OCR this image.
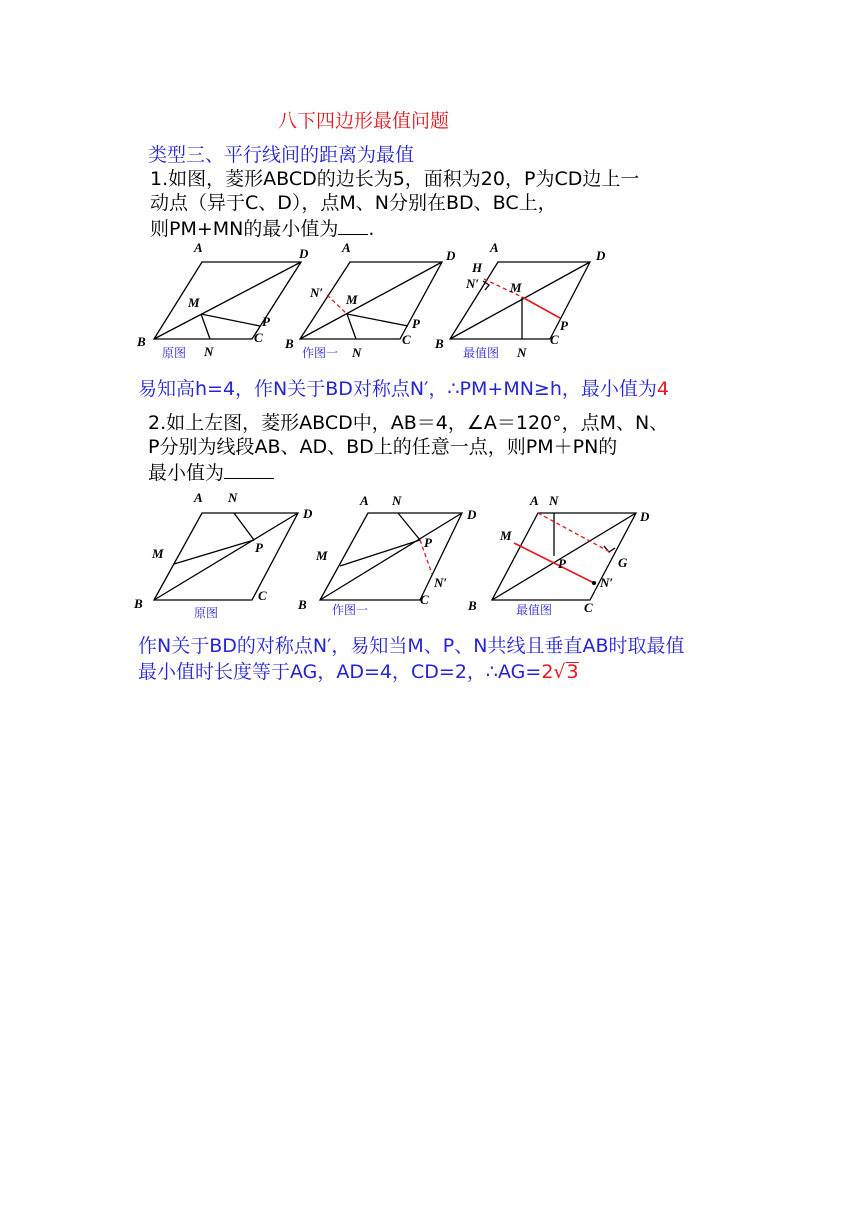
八下四边形最值问题
类型三、平行线间的距离为最值
1.如图，菱形ABCD的边长为5，面积为20，P为CD边上一
动点（异于C、D），点M、N分别在BD、BC上，
则PM+MN的最小值为 .
A	D
M
P
B
N
C
原图
A
D
N′ M
P
B
N
C
作图一
A
D
H
N′ M
P
B
N
C
最值图
易知高h=4，作N关于BD对称点N′，∴PM+MN≥h，最小值为4
2.如上左图，菱形ABCD中，AB＝4，∠A＝120°，点M、N、
P分别为线段AB、AD、BD上的任意一点，则PM＋PN的
最小值为
A N
D
M	P
B
C
原图
A N
D
M
P
N′
B	C
作图一
A N
D
M
G
P
N′
B	C
最值图
作N关于BD的对称点N′，易知当M、P、N共线且垂直AB时取最值
最小值时长度等于AG，AD=4，CD=2，∴AG=2√3
